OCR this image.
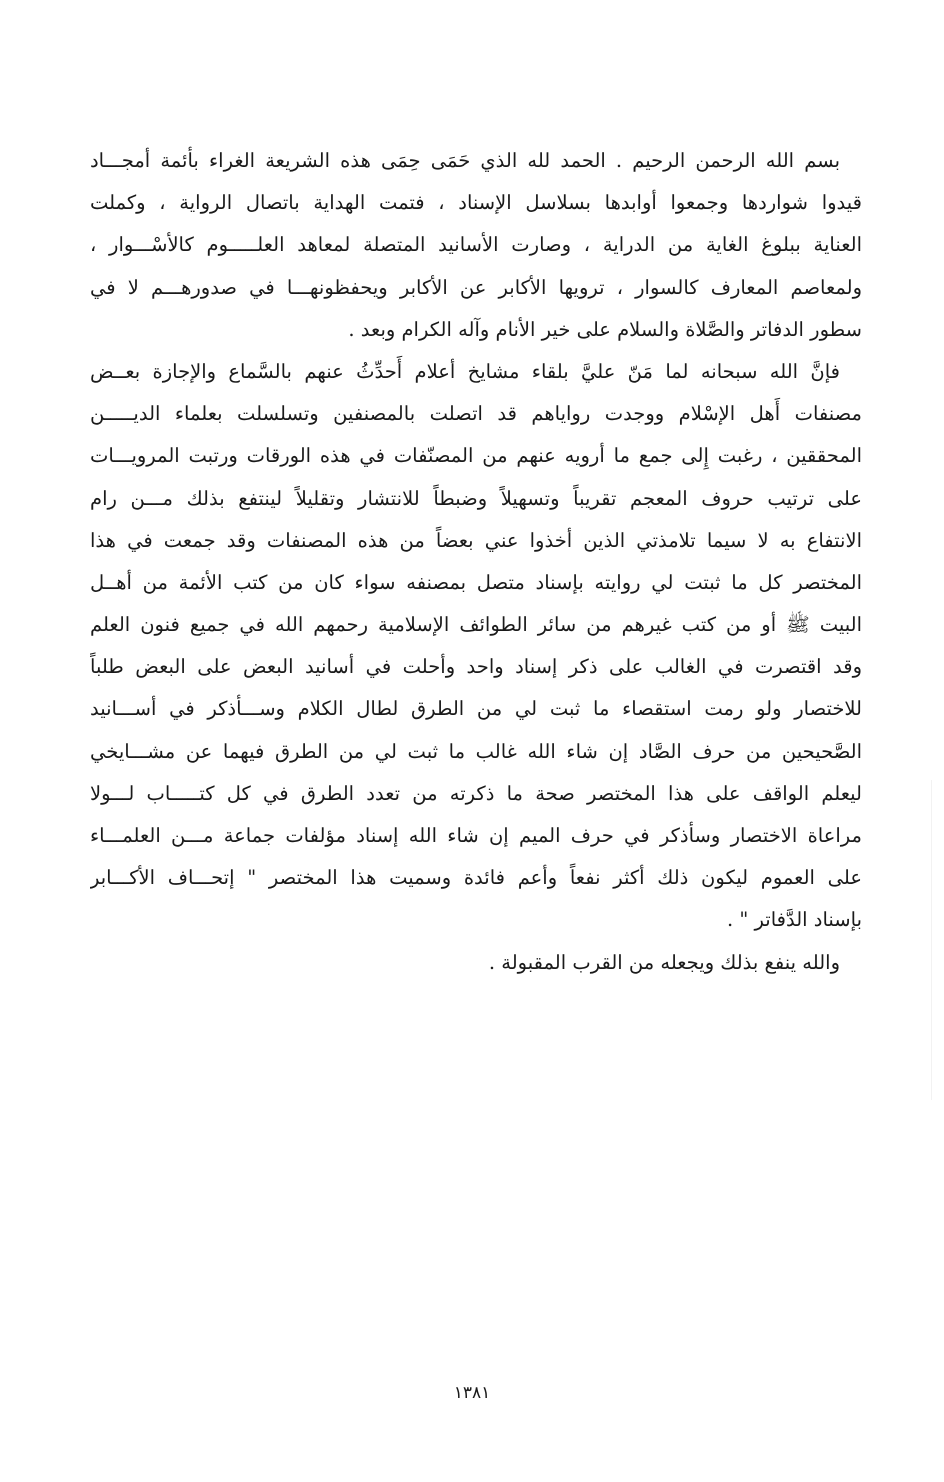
بسم الله الرحمن الرحيم . الحمد لله الذي حَمَى حِمَى هذه الشريعة الغراء بأئمة أمجـــاد
قيدوا شواردها وجمعوا أوابدها بسلاسل الإسناد ، فتمت الهداية باتصال الرواية ، وكملت
العناية ببلوغ الغاية من الدراية ، وصارت الأسانيد المتصلة لمعاهد العلـــــوم كالأسْـــوار ،
ولمعاصم المعارف كالسوار ، ترويها الأكابر عن الأكابر ويحفظونهـــا في صدورهـــم لا في
سطور الدفاتر والصَّلاة والسلام على خير الأنام وآله الكرام وبعد .
فإنَّ الله سبحانه لما مَنّ عليَّ بلقاء مشايخ أعلام أَحدِّثُ عنهم بالسَّماع والإجازة بعــض
مصنفات أَهل الإسْلام ووجدت رواياهم قد اتصلت بالمصنفين وتسلسلت بعلماء الديـــــن
المحققين ، رغبت إِلى جمع ما أرويه عنهم من المصنّفات في هذه الورقات ورتبت المرويـــات
على ترتيب حروف المعجم تقريباً وتسهيلاً وضبطاً للانتشار وتقليلاً لينتفع بذلك مـــن رام
الانتفاع به لا سيما تلامذتي الذين أخذوا عني بعضاً من هذه المصنفات وقد جمعت في هذا
المختصر كل ما ثبتت لي روايته بإسناد متصل بمصنفه سواء كان من كتب الأئمة من أهــل
البيت ﷺ أو من كتب غيرهم من سائر الطوائف الإسلامية رحمهم الله في جميع فنون العلم
وقد اقتصرت في الغالب على ذكر إسناد واحد وأحلت في أسانيد البعض على البعض طلباً
للاختصار ولو رمت استقصاء ما ثبت لي من الطرق لطال الكلام وســـأذكر في أســـانيد
الصَّحيحين من حرف الصَّاد إن شاء الله غالب ما ثبت لي من الطرق فيهما عن مشـــايخي
ليعلم الواقف على هذا المختصر صحة ما ذكرته من تعدد الطرق في كل كتـــــاب لـــولا
مراعاة الاختصار وسأذكر في حرف الميم إن شاء الله إسناد مؤلفات جماعة مـــن العلمـــاء
على العموم ليكون ذلك أكثر نفعاً وأعم فائدة وسميت هذا المختصر " إتحـــاف الأكـــابر
بإسناد الدَّفاتر " .
والله ينفع بذلك ويجعله من القرب المقبولة .
١٣٨١
